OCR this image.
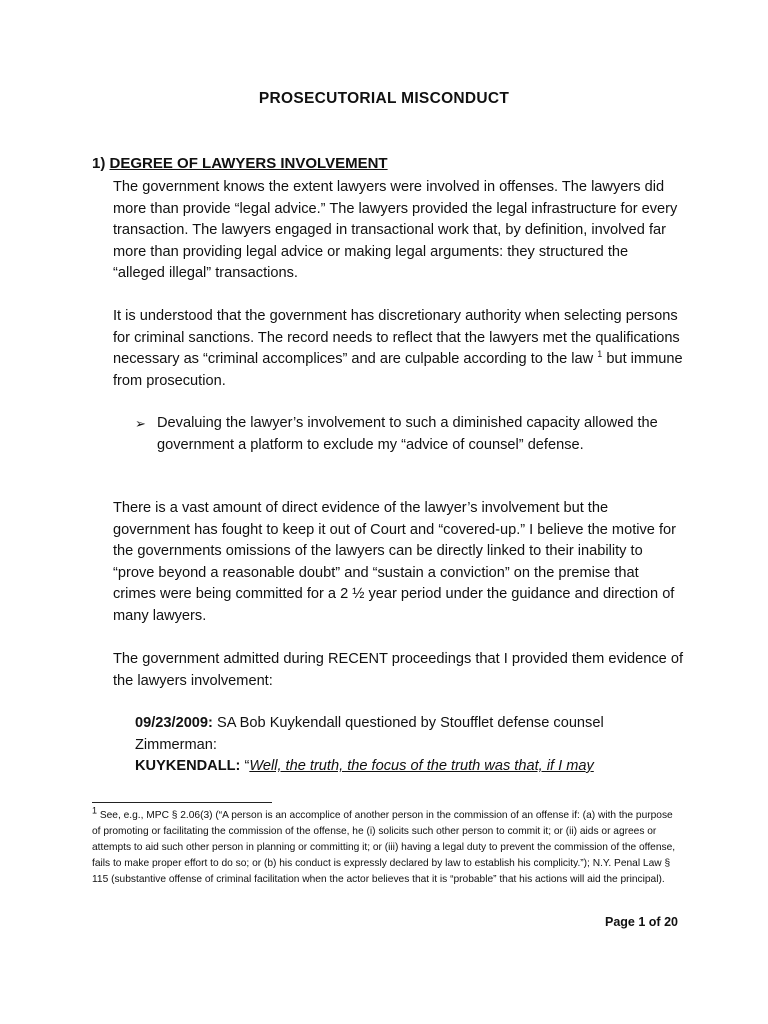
PROSECUTORIAL MISCONDUCT
1) DEGREE OF LAWYERS INVOLVEMENT

The government knows the extent lawyers were involved in offenses. The lawyers did more than provide “legal advice.” The lawyers provided the legal infrastructure for every transaction. The lawyers engaged in transactional work that, by definition, involved far more than providing legal advice or making legal arguments: they structured the “alleged illegal” transactions.

It is understood that the government has discretionary authority when selecting persons for criminal sanctions. The record needs to reflect that the lawyers met the qualifications necessary as “criminal accomplices” and are culpable according to the law $^1$ but immune from prosecution.

➢ Devaluing the lawyer’s involvement to such a diminished capacity allowed the government a platform to exclude my “advice of counsel” defense.

There is a vast amount of direct evidence of the lawyer’s involvement but the government has fought to keep it out of Court and “covered-up.” I believe the motive for the governments omissions of the lawyers can be directly linked to their inability to “prove beyond a reasonable doubt” and “sustain a conviction” on the premise that crimes were being committed for a 2 ½ year period under the guidance and direction of many lawyers.

The government admitted during RECENT proceedings that I provided them evidence of the lawyers involvement:

09/23/2009: SA Bob Kuykendall questioned by Stoufflet defense counsel Zimmerman:
KUYKENDALL: “Well, the truth, the focus of the truth was that, if I may
$^1$ See, e.g., MPC § 2.06(3) (“A person is an accomplice of another person in the commission of an offense if: (a) with the purpose of promoting or facilitating the commission of the offense, he (i) solicits such other person to commit it; or (ii) aids or agrees or attempts to aid such other person in planning or committing it; or (iii) having a legal duty to prevent the commission of the offense, fails to make proper effort to do so; or (b) his conduct is expressly declared by law to establish his complicity.”); N.Y. Penal Law § 115 (substantive offense of criminal facilitation when the actor believes that it is “probable” that his actions will aid the principal).
Page 1 of 20
